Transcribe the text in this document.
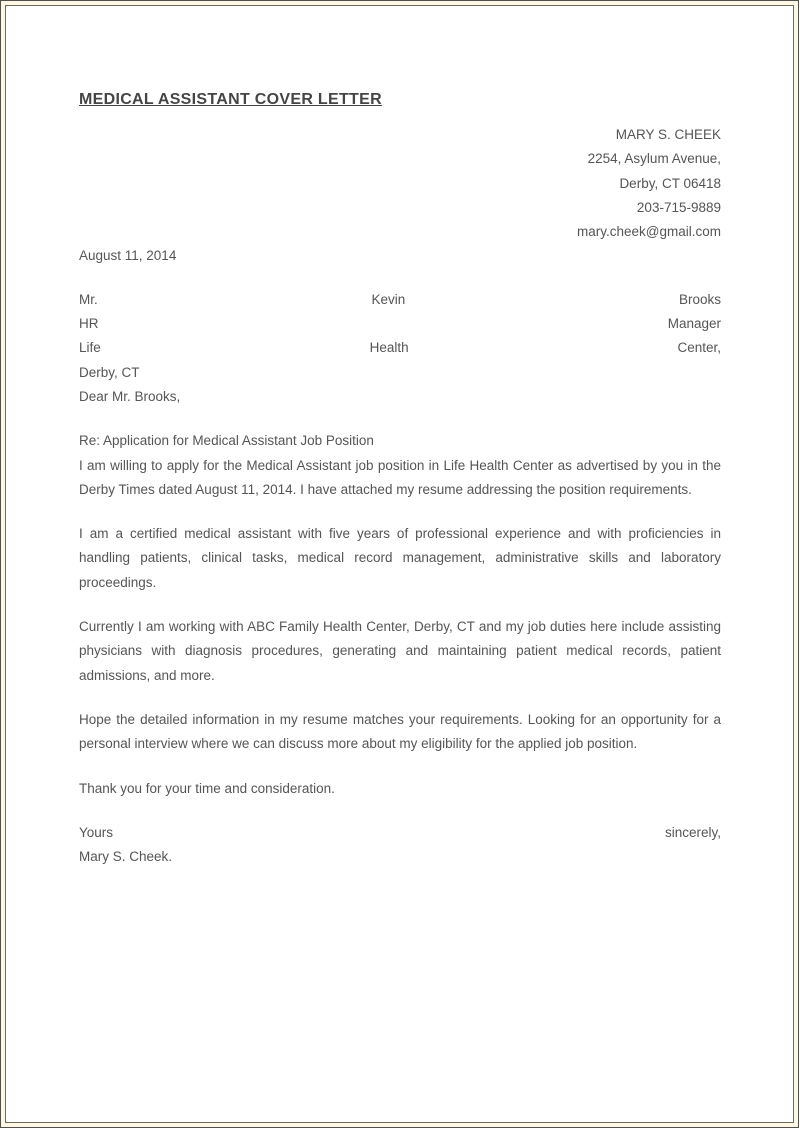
MEDICAL ASSISTANT COVER LETTER
MARY S. CHEEK
2254, Asylum Avenue,
Derby, CT 06418
203-715-9889
mary.cheek@gmail.com
August 11, 2014
Mr.	Kevin	Brooks
HR	Manager
Life	Health	Center,
Derby, CT
Dear Mr. Brooks,
Re: Application for Medical Assistant Job Position

I am willing to apply for the Medical Assistant job position in Life Health Center as advertised by you in the Derby Times dated August 11, 2014. I have attached my resume addressing the position requirements.

I am a certified medical assistant with five years of professional experience and with proficiencies in handling patients, clinical tasks, medical record management, administrative skills and laboratory proceedings.

Currently I am working with ABC Family Health Center, Derby, CT and my job duties here include assisting physicians with diagnosis procedures, generating and maintaining patient medical records, patient admissions, and more.

Hope the detailed information in my resume matches your requirements. Looking for an opportunity for a personal interview where we can discuss more about my eligibility for the applied job position.

Thank you for your time and consideration.

Yours	sincerely,
Mary S. Cheek.
